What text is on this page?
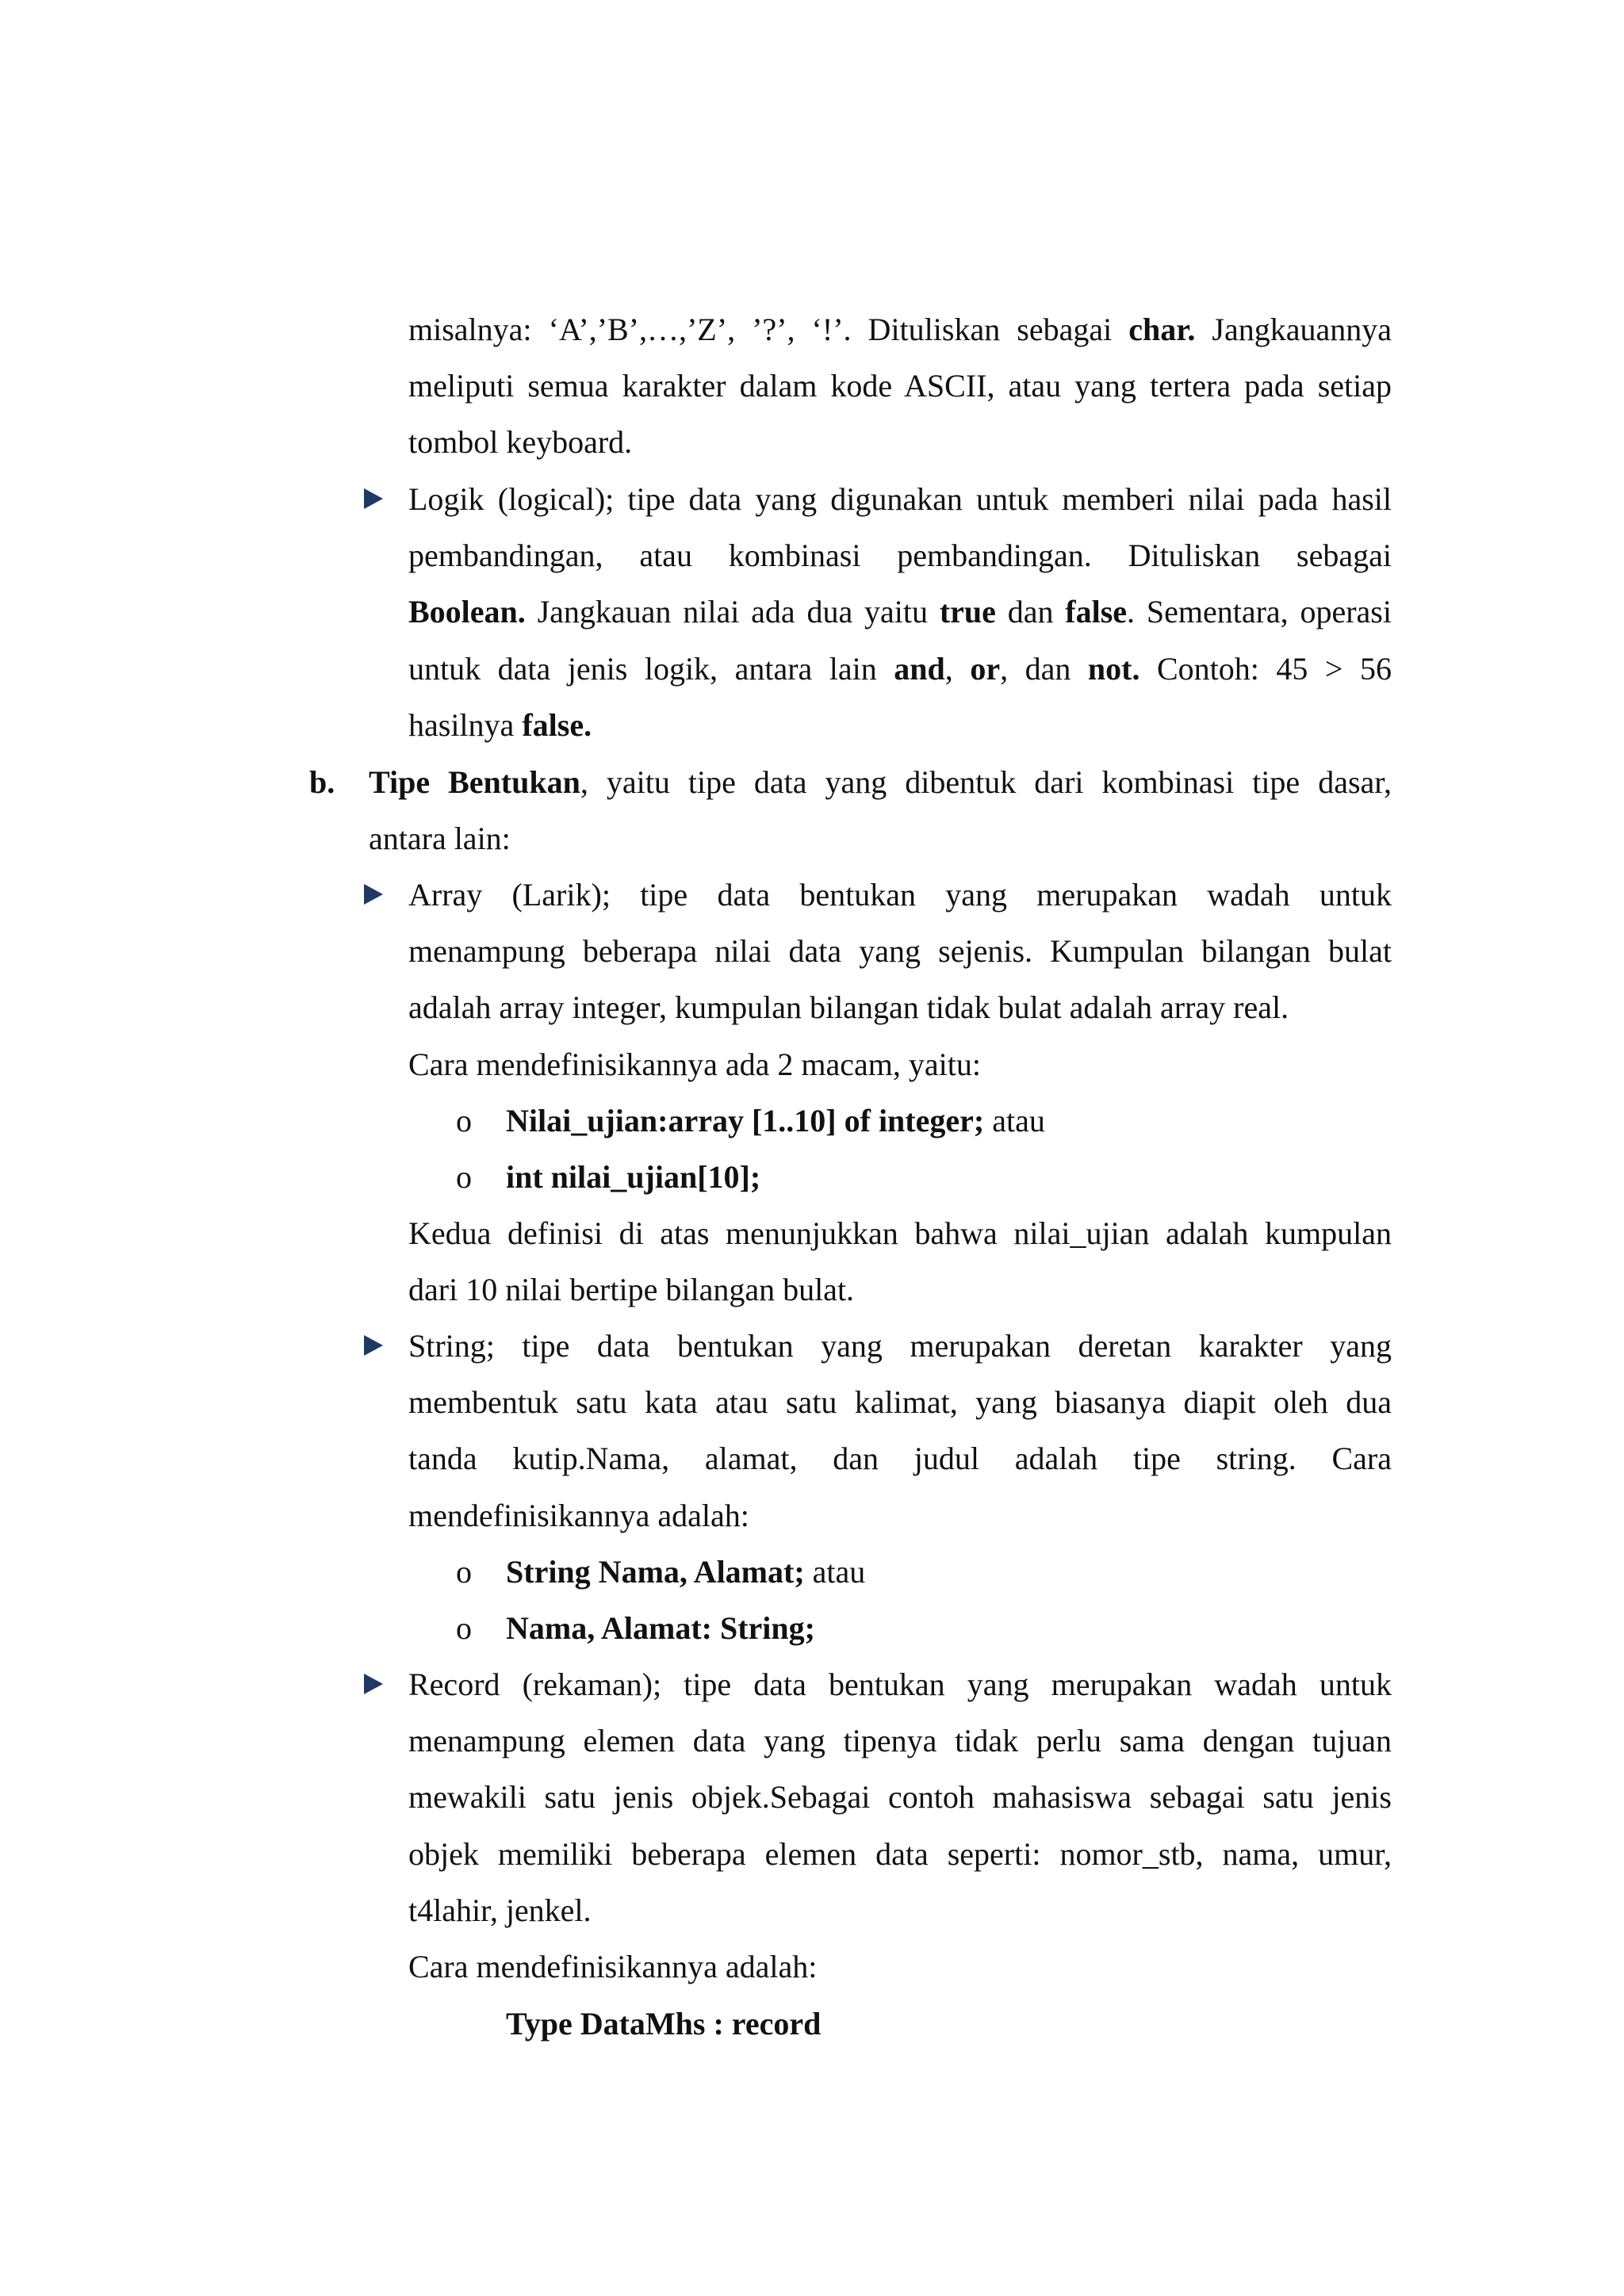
misalnya: ‘A’,’B’,…,’Z’, ’?’, ‘!’. Dituliskan sebagai char. Jangkauannya
meliputi semua karakter dalam kode ASCII, atau yang tertera pada setiap
tombol keyboard.
Logik (logical); tipe data yang digunakan untuk memberi nilai pada hasil
pembandingan, atau kombinasi pembandingan. Dituliskan sebagai
Boolean. Jangkauan nilai ada dua yaitu true dan false. Sementara, operasi
untuk data jenis logik, antara lain and, or, dan not. Contoh: 45 > 56
hasilnya false.
b. Tipe Bentukan, yaitu tipe data yang dibentuk dari kombinasi tipe dasar,
antara lain:
Array (Larik); tipe data bentukan yang merupakan wadah untuk
menampung beberapa nilai data yang sejenis. Kumpulan bilangan bulat
adalah array integer, kumpulan bilangan tidak bulat adalah array real.
Cara mendefinisikannya ada 2 macam, yaitu:
o Nilai_ujian:array [1..10] of integer; atau
o int nilai_ujian[10];
Kedua definisi di atas menunjukkan bahwa nilai_ujian adalah kumpulan
dari 10 nilai bertipe bilangan bulat.
String; tipe data bentukan yang merupakan deretan karakter yang
membentuk satu kata atau satu kalimat, yang biasanya diapit oleh dua
tanda kutip.Nama, alamat, dan judul adalah tipe string. Cara
mendefinisikannya adalah:
o String Nama, Alamat; atau
o Nama, Alamat: String;
Record (rekaman); tipe data bentukan yang merupakan wadah untuk
menampung elemen data yang tipenya tidak perlu sama dengan tujuan
mewakili satu jenis objek.Sebagai contoh mahasiswa sebagai satu jenis
objek memiliki beberapa elemen data seperti: nomor_stb, nama, umur,
t4lahir, jenkel.
Cara mendefinisikannya adalah:
Type DataMhs : record
